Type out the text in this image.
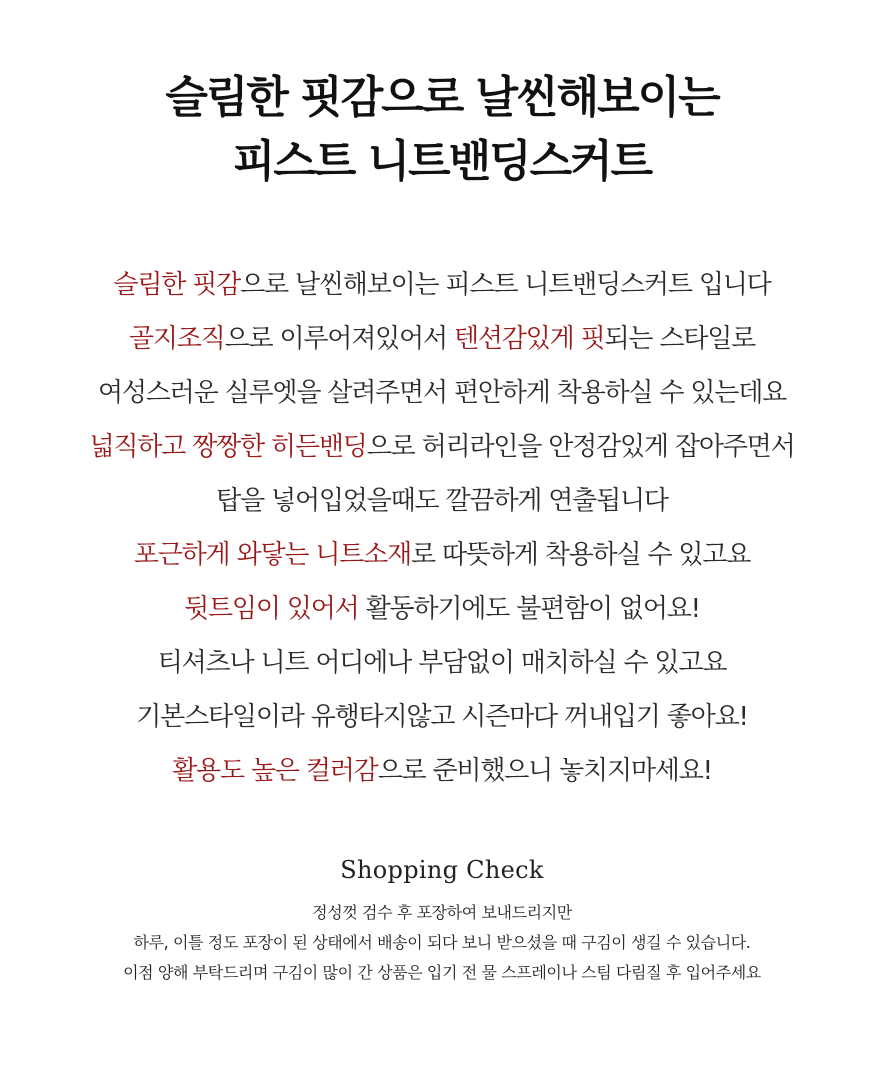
슬림한 핏감으로 날씬해보이는
피스트 니트밴딩스커트
슬림한 핏감으로 날씬해보이는 피스트 니트밴딩스커트 입니다
골지조직으로 이루어져있어서 텐션감있게 핏되는 스타일로
여성스러운 실루엣을 살려주면서 편안하게 착용하실 수 있는데요
넓직하고 짱짱한 히든밴딩으로 허리라인을 안정감있게 잡아주면서
탑을 넣어입었을때도 깔끔하게 연출됩니다
포근하게 와닿는 니트소재로 따뜻하게 착용하실 수 있고요
뒷트임이 있어서 활동하기에도 불편함이 없어요!
티셔츠나 니트 어디에나 부담없이 매치하실 수 있고요
기본스타일이라 유행타지않고 시즌마다 꺼내입기 좋아요!
활용도 높은 컬러감으로 준비했으니 놓치지마세요!
Shopping Check
정성껏 검수 후 포장하여 보내드리지만
하루, 이틀 정도 포장이 된 상태에서 배송이 되다 보니 받으셨을 때 구김이 생길 수 있습니다.
이점 양해 부탁드리며 구김이 많이 간 상품은 입기 전 물 스프레이나 스팀 다림질 후 입어주세요
